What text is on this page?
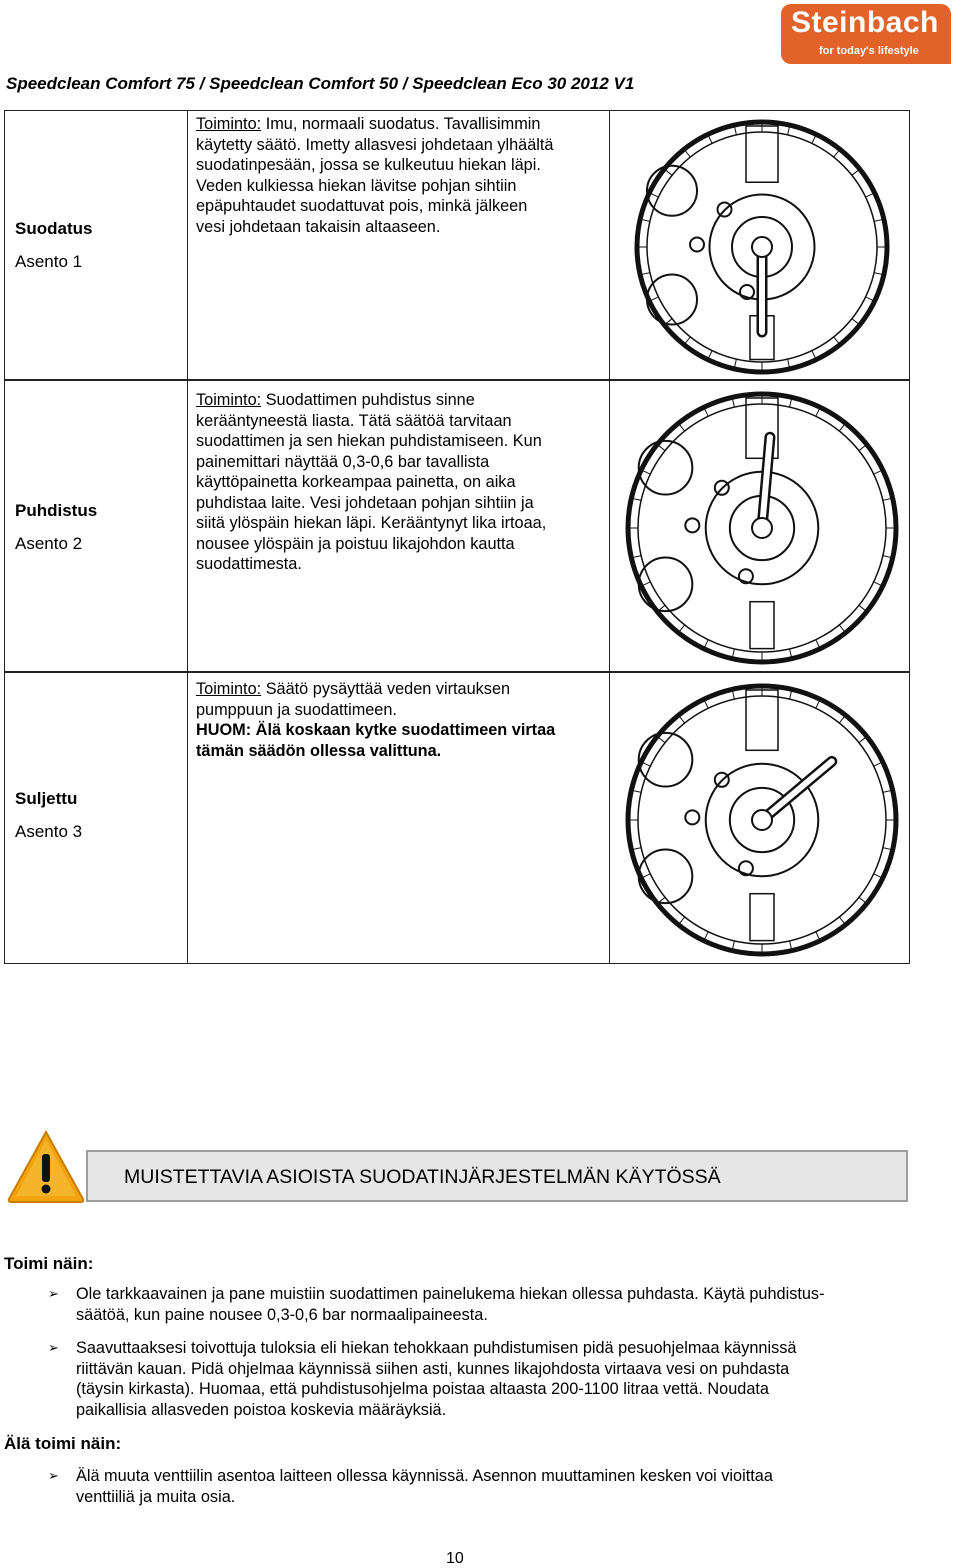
Steinbach
for today's lifestyle
Speedclean Comfort 75 / Speedclean Comfort 50 / Speedclean Eco 30 2012 V1
Suodatus
Asento 1
Toiminto: Imu, normaali suodatus. Tavallisimmin
käytetty säätö. Imetty allasvesi johdetaan ylhäältä
suodatinpesään, jossa se kulkeutuu hiekan läpi.
Veden kulkiessa hiekan lävitse pohjan sihtiin
epäpuhtaudet suodattuvat pois, minkä jälkeen
vesi johdetaan takaisin altaaseen.
Puhdistus
Asento 2
Toiminto: Suodattimen puhdistus sinne
kerääntyneestä liasta. Tätä säätöä tarvitaan
suodattimen ja sen hiekan puhdistamiseen. Kun
painemittari näyttää 0,3-0,6 bar tavallista
käyttöpainetta korkeampaa painetta, on aika
puhdistaa laite. Vesi johdetaan pohjan sihtiin ja
siitä ylöspäin hiekan läpi. Kerääntynyt lika irtoaa,
nousee ylöspäin ja poistuu likajohdon kautta
suodattimesta.
Suljettu
Asento 3
Toiminto: Säätö pysäyttää veden virtauksen
pumppuun ja suodattimeen.
HUOM: Älä koskaan kytke suodattimeen virtaa
tämän säädön ollessa valittuna.
MUISTETTAVIA ASIOISTA SUODATINJÄRJESTELMÄN KÄYTÖSSÄ
Toimi näin:
➢ Ole tarkkaavainen ja pane muistiin suodattimen painelukema hiekan ollessa puhdasta. Käytä puhdistus-
säätöä, kun paine nousee 0,3-0,6 bar normaalipaineesta.
➢ Saavuttaaksesi toivottuja tuloksia eli hiekan tehokkaan puhdistumisen pidä pesuohjelmaa käynnissä
riittävän kauan. Pidä ohjelmaa käynnissä siihen asti, kunnes likajohdosta virtaava vesi on puhdasta
(täysin kirkasta). Huomaa, että puhdistusohjelma poistaa altaasta 200-1100 litraa vettä. Noudata
paikallisia allasveden poistoa koskevia määräyksiä.
Älä toimi näin:
➢ Älä muuta venttiilin asentoa laitteen ollessa käynnissä. Asennon muuttaminen kesken voi vioittaa
venttiiliä ja muita osia.
10
